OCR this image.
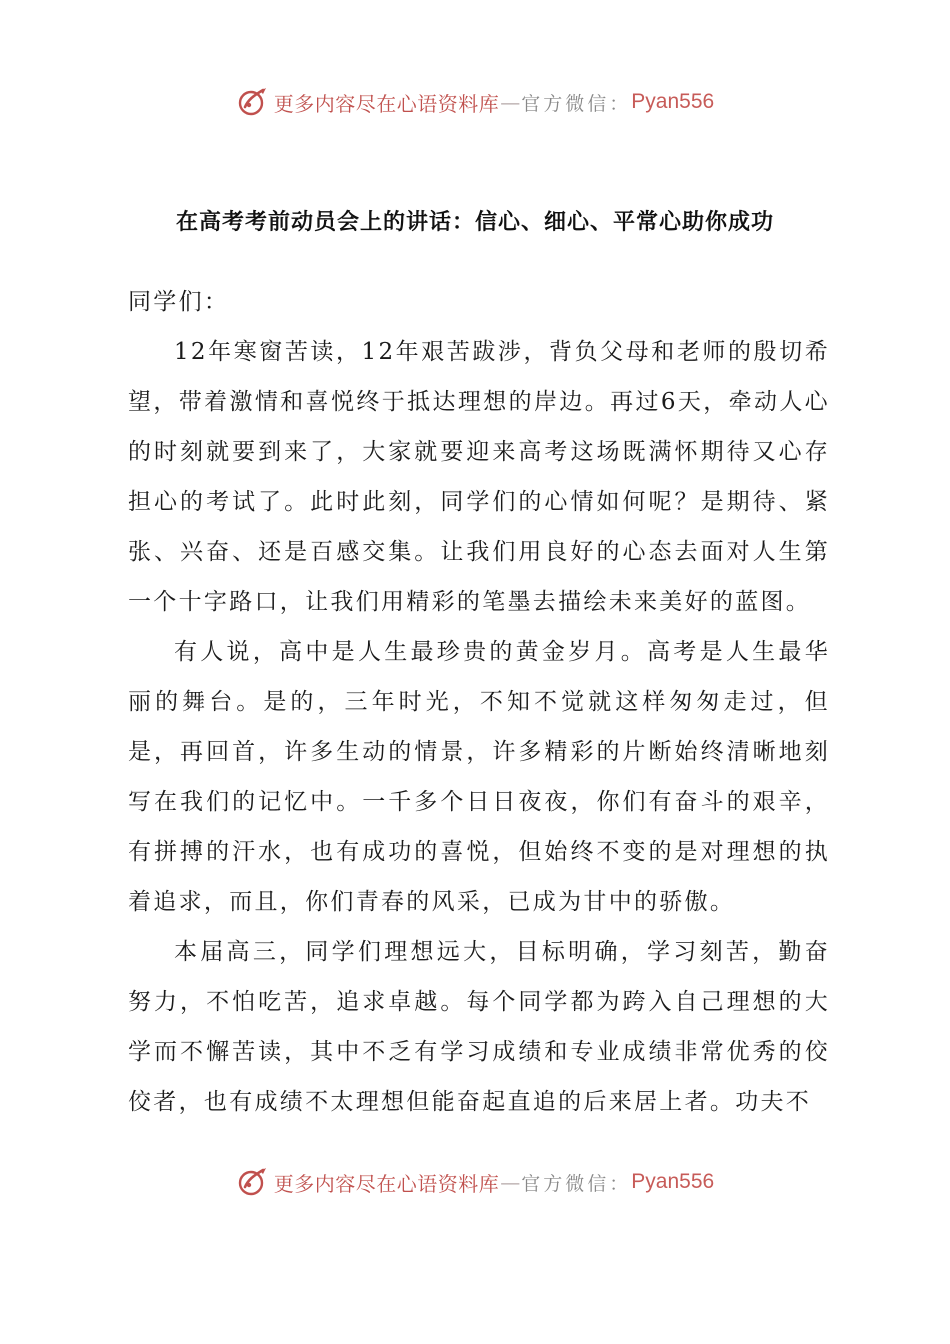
更多内容尽在心语资料库 — 官方微信： Pyan556
在高考考前动员会上的讲话：信心、细心、平常心助你成功

同学们：

12年寒窗苦读，12年艰苦跋涉，背负父母和老师的殷切希望，带着激情和喜悦终于抵达理想的岸边。再过6天，牵动人心的时刻就要到来了，大家就要迎来高考这场既满怀期待又心存担心的考试了。此时此刻，同学们的心情如何呢？是期待、紧张、兴奋、还是百感交集。让我们用良好的心态去面对人生第一个十字路口，让我们用精彩的笔墨去描绘未来美好的蓝图。

有人说，高中是人生最珍贵的黄金岁月。高考是人生最华丽的舞台。是的，三年时光，不知不觉就这样匆匆走过，但是，再回首，许多生动的情景，许多精彩的片断始终清晰地刻写在我们的记忆中。一千多个日日夜夜，你们有奋斗的艰辛，有拼搏的汗水，也有成功的喜悦，但始终不变的是对理想的执着追求，而且，你们青春的风采，已成为甘中的骄傲。

本届高三，同学们理想远大，目标明确，学习刻苦，勤奋努力，不怕吃苦，追求卓越。每个同学都为跨入自己理想的大学而不懈苦读，其中不乏有学习成绩和专业成绩非常优秀的佼佼者，也有成绩不太理想但能奋起直追的后来居上者。功夫不

更多内容尽在心语资料库 — 官方微信： Pyan556
